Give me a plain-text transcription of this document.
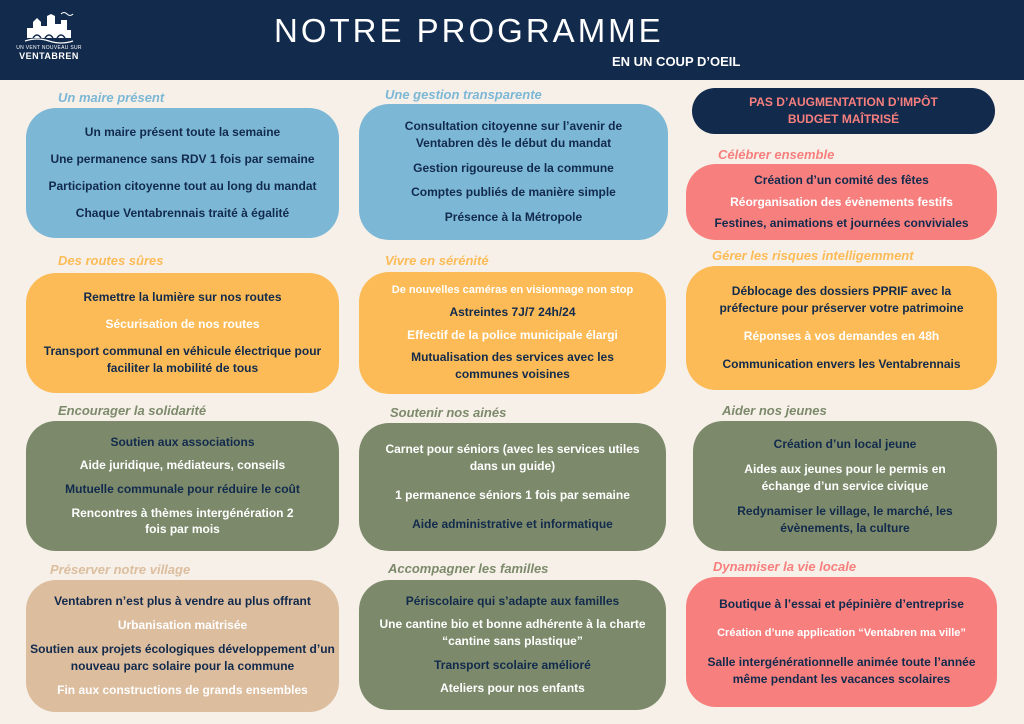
UN VENT NOUVEAU SUR
VENTABREN
NOTRE PROGRAMME
EN UN COUP D’OEIL
Un maire présent
Un maire présent toute la semaine
Une permanence sans RDV 1 fois par semaine
Participation citoyenne tout au long du mandat
Chaque Ventabrennais traité à égalité
Une gestion transparente
Consultation citoyenne sur l’avenir de Ventabren dès le début du mandat
Gestion rigoureuse de la commune
Comptes publiés de manière simple
Présence à la Métropole
PAS D’AUGMENTATION D’IMPÔT
BUDGET MAÎTRISÉ
Célébrer ensemble
Création d’un comité des fêtes
Réorganisation des évènements festifs
Festines, animations et journées conviviales
Des routes sûres
Remettre la lumière sur nos routes
Sécurisation de nos routes
Transport communal en véhicule électrique pour faciliter la mobilité de tous
Vivre en sérénité
De nouvelles caméras en visionnage non stop
Astreintes 7J/7 24h/24
Effectif de la police municipale élargi
Mutualisation des services avec les communes voisines
Gérer les risques intelligemment
Déblocage des dossiers PPRIF avec la préfecture pour préserver votre patrimoine
Réponses à vos demandes en 48h
Communication envers les Ventabrennais
Encourager la solidarité
Soutien aux associations
Aide juridique, médiateurs, conseils
Mutuelle communale pour réduire le coût
Rencontres à thèmes intergénération 2 fois par mois
Soutenir nos ainés
Carnet pour séniors (avec les services utiles dans un guide)
1 permanence séniors 1 fois par semaine
Aide administrative et informatique
Aider nos jeunes
Création d’un local jeune
Aides aux jeunes pour le permis en échange d’un service civique
Redynamiser le village, le marché, les évènements, la culture
Préserver notre village
Ventabren n’est plus à vendre au plus offrant
Urbanisation maitrisée
Soutien aux projets écologiques développement d’un nouveau parc solaire pour la commune
Fin aux constructions de grands ensembles
Accompagner les familles
Périscolaire qui s’adapte aux familles
Une cantine bio et bonne adhérente à la charte “cantine sans plastique”
Transport scolaire amélioré
Ateliers pour nos enfants
Dynamiser la vie locale
Boutique à l’essai et pépinière d’entreprise
Création d’une application “Ventabren ma ville”
Salle intergénérationnelle animée toute l’année même pendant les vacances scolaires
